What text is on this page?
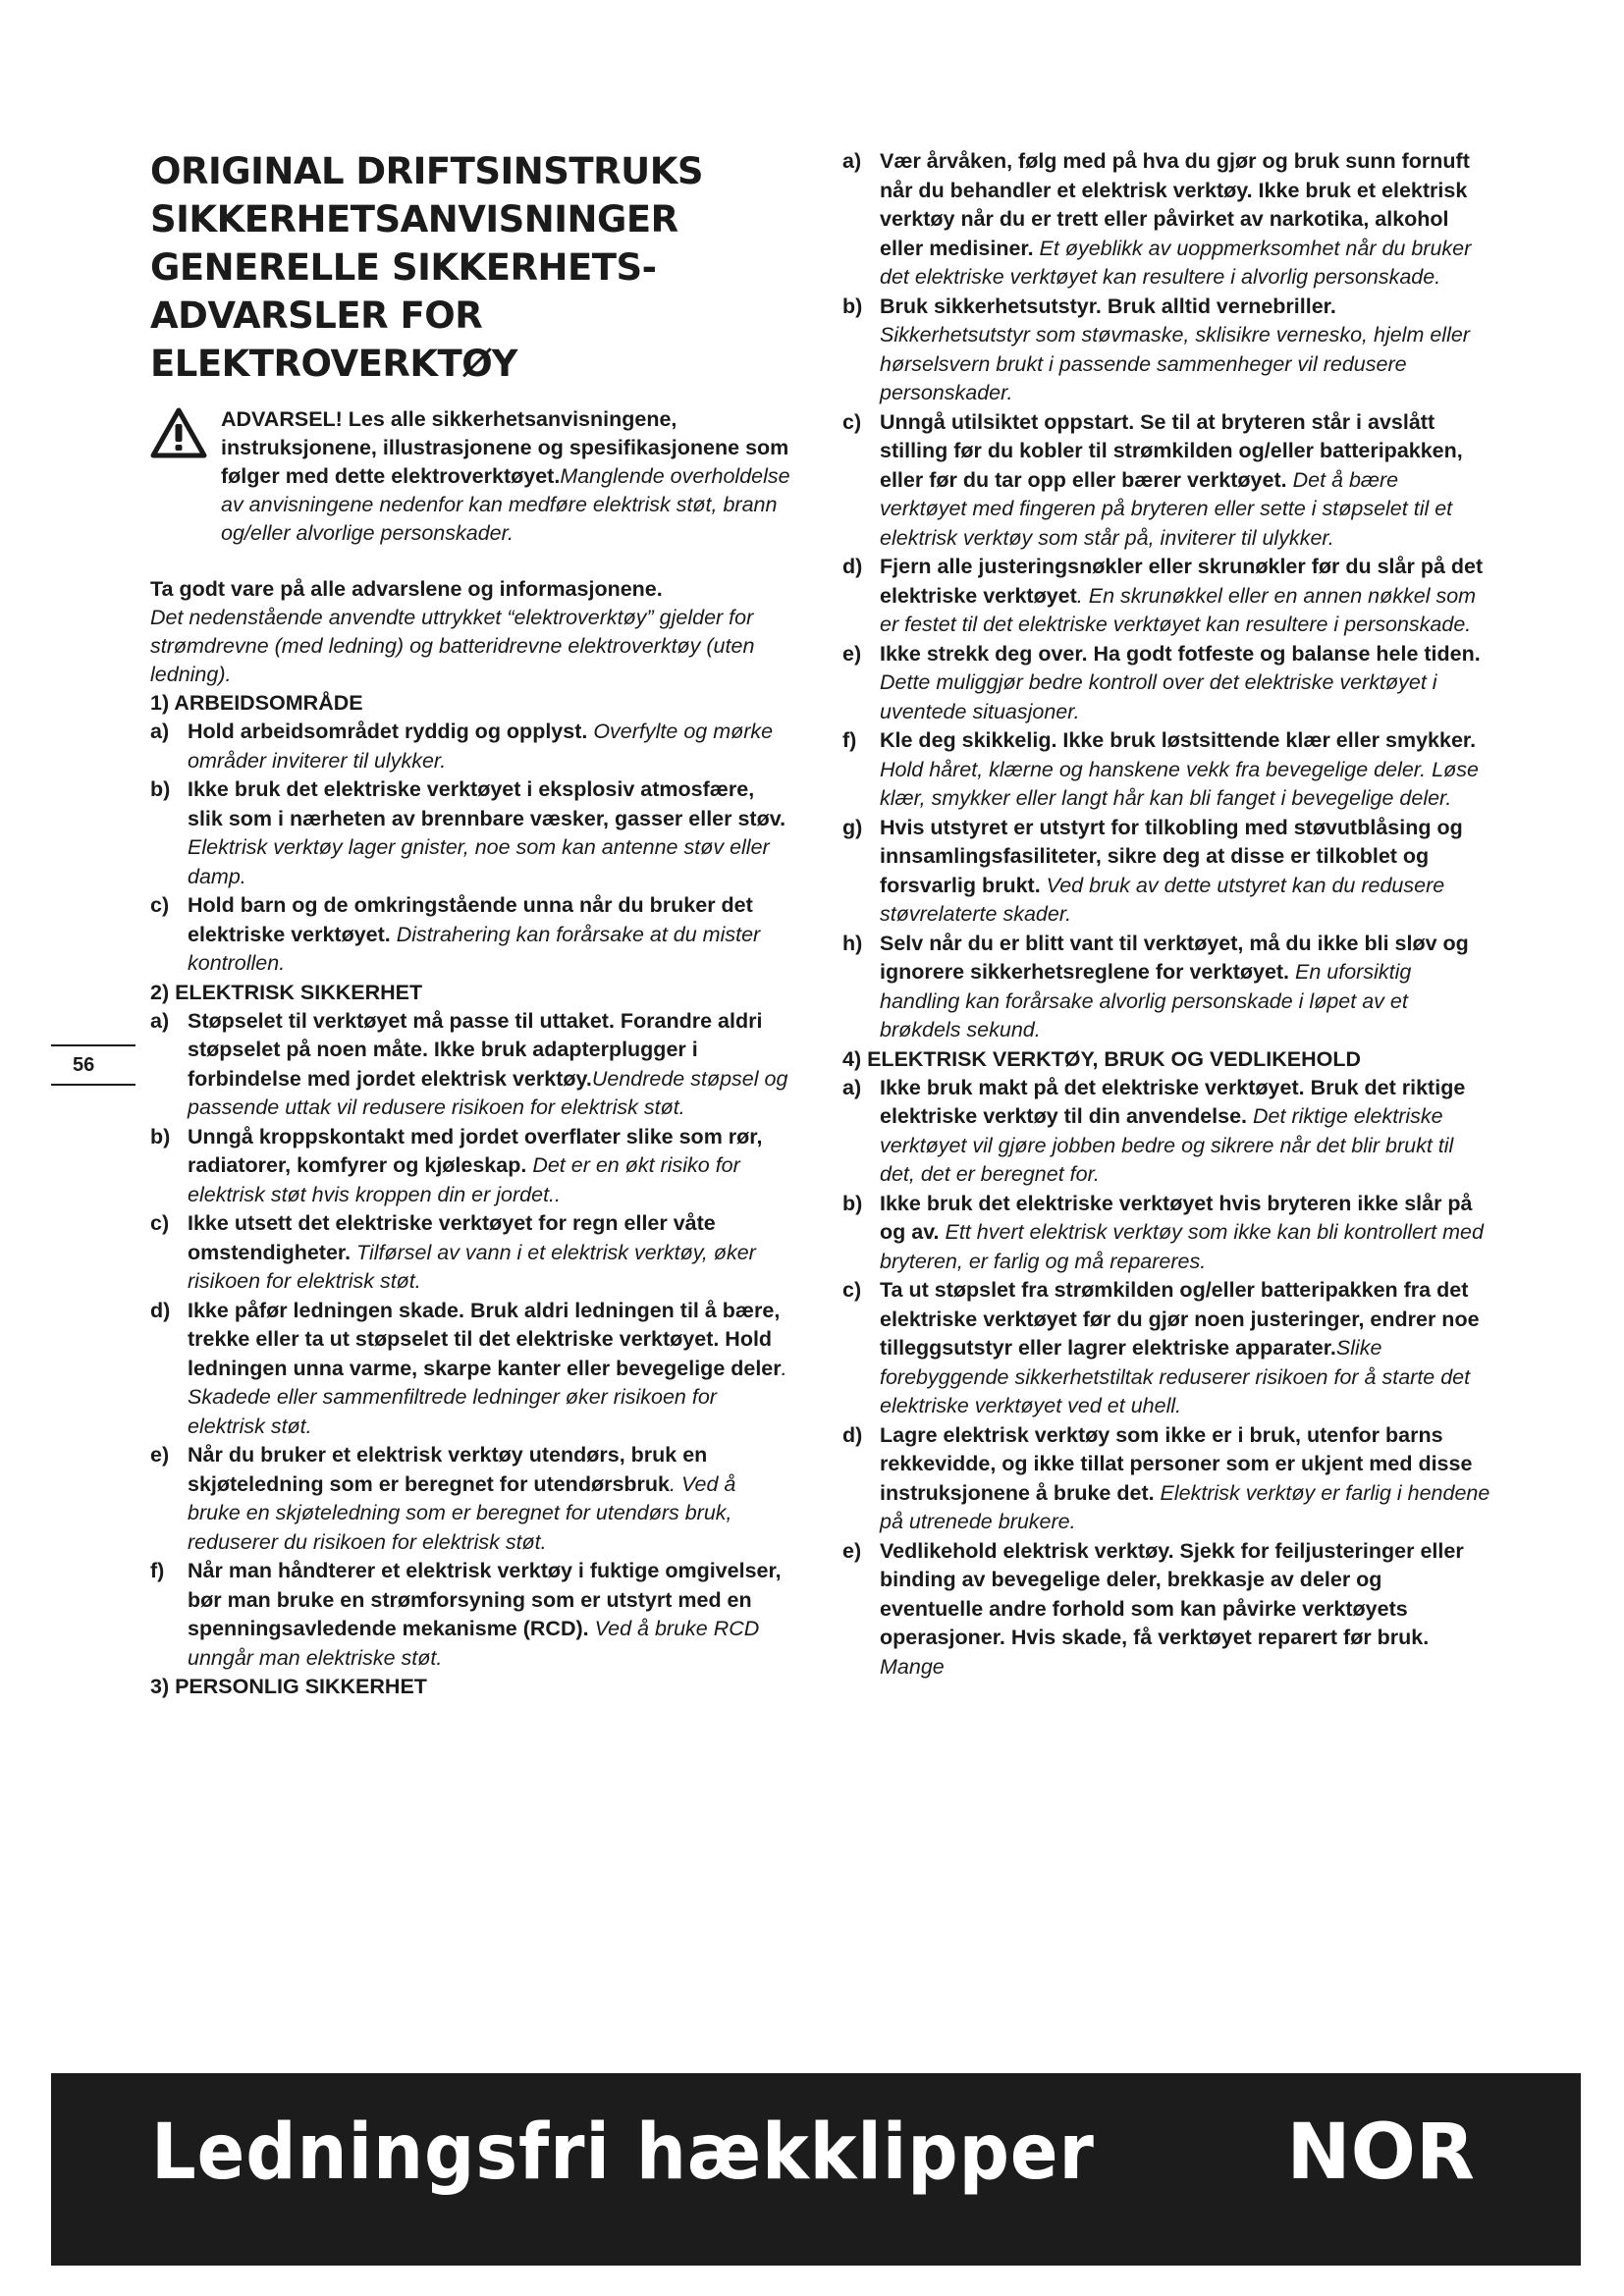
ORIGINAL DRIFTSINSTRUKS
SIKKERHETSANVISNINGER
GENERELLE SIKKERHETS-
ADVARSLER FOR
ELEKTROVERKTØY
ADVARSEL! Les alle sikkerhetsanvisningene, instruksjonene, illustrasjonene og spesifikasjonene som følger med dette elektroverktøyet.Manglende overholdelse av anvisningene nedenfor kan medføre elektrisk støt, brann og/eller alvorlige personskader.

Ta godt vare på alle advarslene og informasjonene.
Det nedenstående anvendte uttrykket “elektroverktøy” gjelder for strømdrevne (med ledning) og batteridrevne elektroverktøy (uten ledning).

1) ARBEIDSOMRÅDE

a) Hold arbeidsområdet ryddig og opplyst. Overfylte og mørke områder inviterer til ulykker.
b) Ikke bruk det elektriske verktøyet i eksplosiv atmosfære, slik som i nærheten av brennbare væsker, gasser eller støv. Elektrisk verktøy lager gnister, noe som kan antenne støv eller damp.
c) Hold barn og de omkringstående unna når du bruker det elektriske verktøyet. Distrahering kan forårsake at du mister kontrollen.

2) ELEKTRISK SIKKERHET

a) Støpselet til verktøyet må passe til uttaket. Forandre aldri støpselet på noen måte. Ikke bruk adapterplugger i forbindelse med jordet elektrisk verktøy.Uendrede støpsel og passende uttak vil redusere risikoen for elektrisk støt.
b) Unngå kroppskontakt med jordet overflater slike som rør, radiatorer, komfyrer og kjøleskap. Det er en økt risiko for elektrisk støt hvis kroppen din er jordet..
c) Ikke utsett det elektriske verktøyet for regn eller våte omstendigheter. Tilførsel av vann i et elektrisk verktøy, øker risikoen for elektrisk støt.
d) Ikke påfør ledningen skade. Bruk aldri ledningen til å bære, trekke eller ta ut støpselet til det elektriske verktøyet. Hold ledningen unna varme, skarpe kanter eller bevegelige deler. Skadede eller sammenfiltrede ledninger øker risikoen for elektrisk støt.
e) Når du bruker et elektrisk verktøy utendørs, bruk en skjøteledning som er beregnet for utendørsbruk. Ved å bruke en skjøteledning som er beregnet for utendørs bruk, reduserer du risikoen for elektrisk støt.
f) Når man håndterer et elektrisk verktøy i fuktige omgivelser, bør man bruke en strømforsyning som er utstyrt med en spenningsavledende mekanisme (RCD). Ved å bruke RCD unngår man elektriske støt.

3) PERSONLIG SIKKERHET

a) Vær årvåken, følg med på hva du gjør og bruk sunn fornuft når du behandler et elektrisk verktøy. Ikke bruk et elektrisk verktøy når du er trett eller påvirket av narkotika, alkohol eller medisiner. Et øyeblikk av uoppmerksomhet når du bruker det elektriske verktøyet kan resultere i alvorlig personskade.
b) Bruk sikkerhetsutstyr. Bruk alltid vernebriller. Sikkerhetsutstyr som støvmaske, sklisikre vernesko, hjelm eller hørselsvern brukt i passende sammenheger vil redusere personskader.
c) Unngå utilsiktet oppstart. Se til at bryteren står i avslått stilling før du kobler til strømkilden og/eller batteripakken, eller før du tar opp eller bærer verktøyet. Det å bære verktøyet med fingeren på bryteren eller sette i støpselet til et elektrisk verktøy som står på, inviterer til ulykker.
d) Fjern alle justeringsnøkler eller skrunøkler før du slår på det elektriske verktøyet. En skrunøkkel eller en annen nøkkel som er festet til det elektriske verktøyet kan resultere i personskade.
e) Ikke strekk deg over. Ha godt fotfeste og balanse hele tiden. Dette muliggjør bedre kontroll over det elektriske verktøyet i uventede situasjoner.
f) Kle deg skikkelig. Ikke bruk løstsittende klær eller smykker. Hold håret, klærne og hanskene vekk fra bevegelige deler. Løse klær, smykker eller langt hår kan bli fanget i bevegelige deler.
g) Hvis utstyret er utstyrt for tilkobling med støvutblåsing og innsamlingsfasiliteter, sikre deg at disse er tilkoblet og forsvarlig brukt. Ved bruk av dette utstyret kan du redusere støvrelaterte skader.
h) Selv når du er blitt vant til verktøyet, må du ikke bli sløv og ignorere sikkerhetsreglene for verktøyet. En uforsiktig handling kan forårsake alvorlig personskade i løpet av et brøkdels sekund.

4) ELEKTRISK VERKTØY, BRUK OG VEDLIKEHOLD

a) Ikke bruk makt på det elektriske verktøyet. Bruk det riktige elektriske verktøy til din anvendelse. Det riktige elektriske verktøyet vil gjøre jobben bedre og sikrere når det blir brukt til det, det er beregnet for.
b) Ikke bruk det elektriske verktøyet hvis bryteren ikke slår på og av. Ett hvert elektrisk verktøy som ikke kan bli kontrollert med bryteren, er farlig og må repareres.
c) Ta ut støpslet fra strømkilden og/eller batteripakken fra det elektriske verktøyet før du gjør noen justeringer, endrer noe tilleggsutstyr eller lagrer elektriske apparater.Slike forebyggende sikkerhetstiltak reduserer risikoen for å starte det elektriske verktøyet ved et uhell.
d) Lagre elektrisk verktøy som ikke er i bruk, utenfor barns rekkevidde, og ikke tillat personer som er ukjent med disse instruksjonene å bruke det. Elektrisk verktøy er farlig i hendene på utrenede brukere.
e) Vedlikehold elektrisk verktøy. Sjekk for feiljusteringer eller binding av bevegelige deler, brekkasje av deler og eventuelle andre forhold som kan påvirke verktøyets operasjoner. Hvis skade, få verktøyet reparert før bruk. Mange
56
Ledningsfri hækklipper	NOR
